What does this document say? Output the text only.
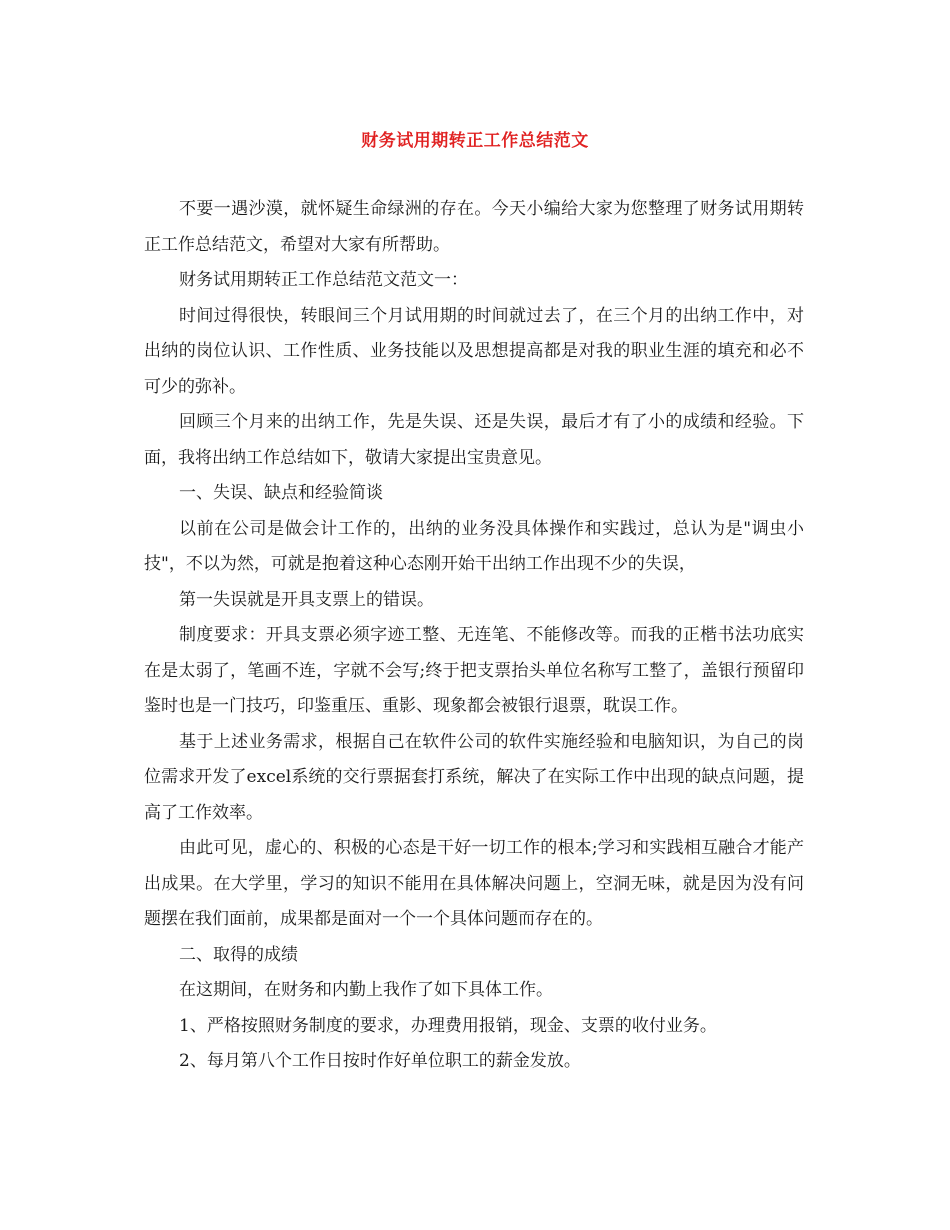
财务试用期转正工作总结范文

不要一遇沙漠，就怀疑生命绿洲的存在。今天小编给大家为您整理了财务试用期转正工作总结范文，希望对大家有所帮助。

财务试用期转正工作总结范文范文一：

时间过得很快，转眼间三个月试用期的时间就过去了，在三个月的出纳工作中，对出纳的岗位认识、工作性质、业务技能以及思想提高都是对我的职业生涯的填充和必不可少的弥补。

回顾三个月来的出纳工作，先是失误、还是失误，最后才有了小的成绩和经验。下面，我将出纳工作总结如下，敬请大家提出宝贵意见。

一、失误、缺点和经验简谈

以前在公司是做会计工作的，出纳的业务没具体操作和实践过，总认为是"调虫小技"，不以为然，可就是抱着这种心态刚开始干出纳工作出现不少的失误，

第一失误就是开具支票上的错误。

制度要求：开具支票必须字迹工整、无连笔、不能修改等。而我的正楷书法功底实在是太弱了，笔画不连，字就不会写;终于把支票抬头单位名称写工整了，盖银行预留印鉴时也是一门技巧，印鉴重压、重影、现象都会被银行退票，耽误工作。

基于上述业务需求，根据自己在软件公司的软件实施经验和电脑知识，为自己的岗位需求开发了excel系统的交行票据套打系统，解决了在实际工作中出现的缺点问题，提高了工作效率。

由此可见，虚心的、积极的心态是干好一切工作的根本;学习和实践相互融合才能产出成果。在大学里，学习的知识不能用在具体解决问题上，空洞无味，就是因为没有问题摆在我们面前，成果都是面对一个一个具体问题而存在的。

二、取得的成绩

在这期间，在财务和内勤上我作了如下具体工作。

1、严格按照财务制度的要求，办理费用报销，现金、支票的收付业务。

2、每月第八个工作日按时作好单位职工的薪金发放。
